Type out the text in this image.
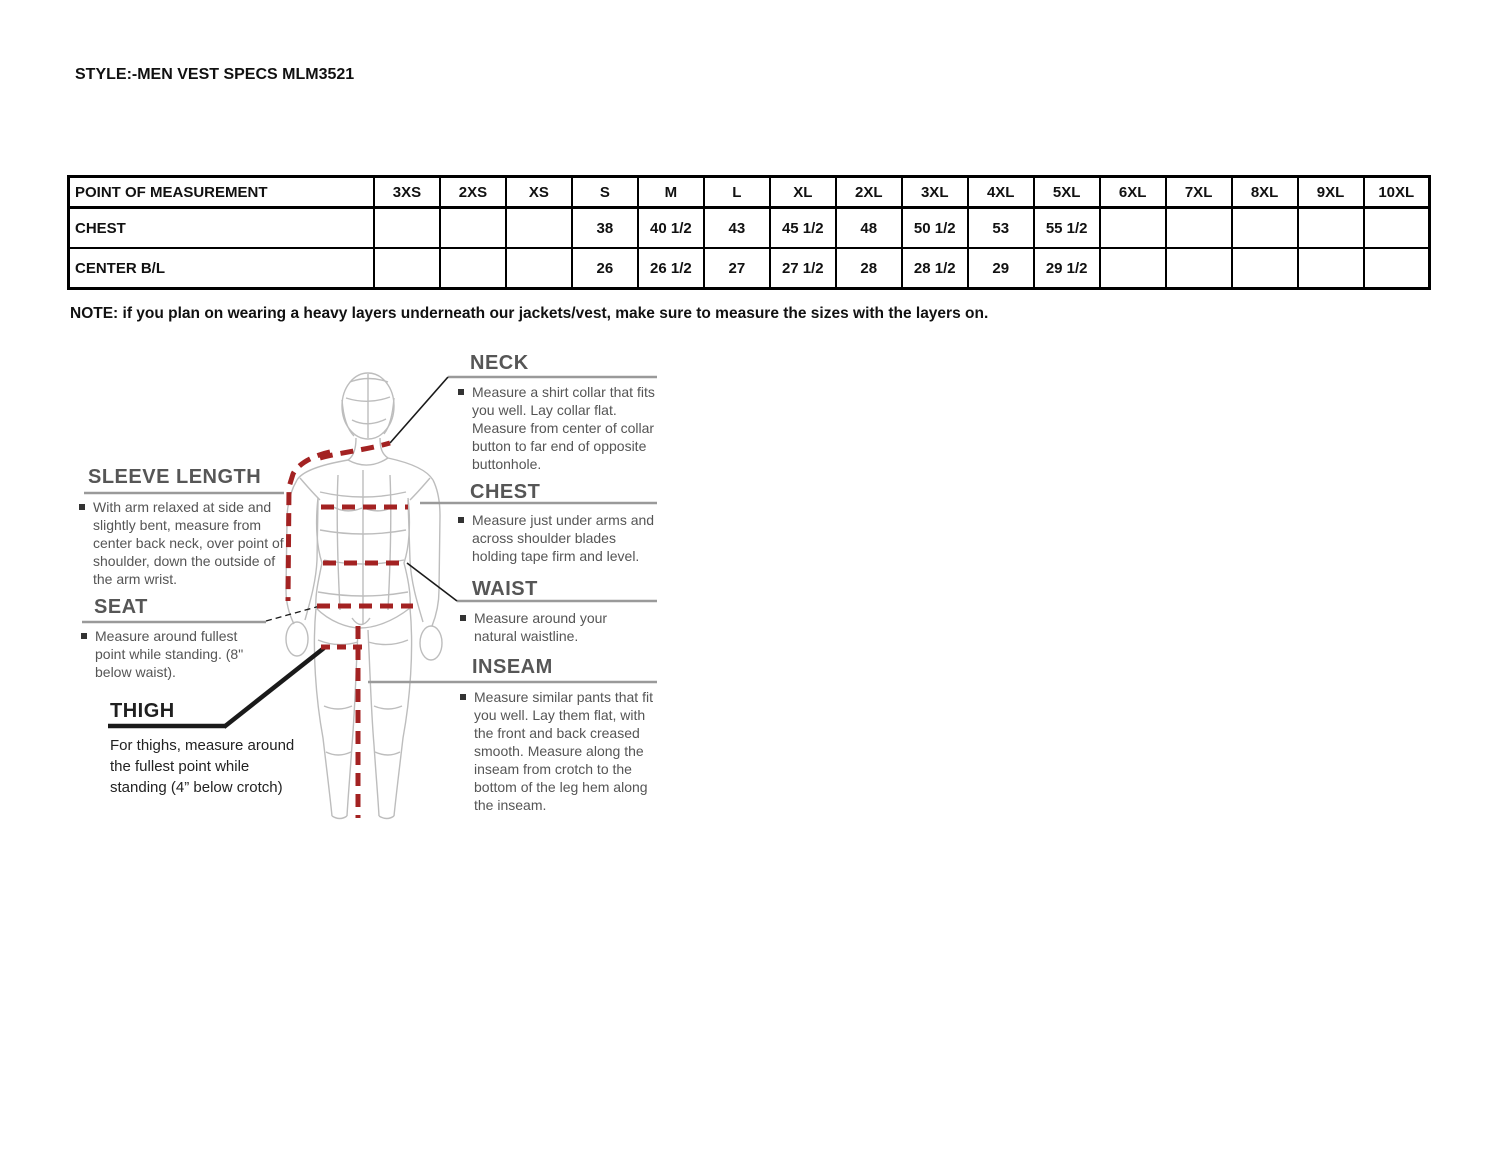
STYLE:-MEN VEST SPECS MLM3521
POINT OF MEASUREMENT	3XS	2XS	XS	S	M	L	XL	2XL	3XL	4XL	5XL	6XL	7XL	8XL	9XL	10XL
CHEST				38	40 1/2	43	45 1/2	48	50 1/2	53	55 1/2					
CENTER B/L				26	26 1/2	27	27 1/2	28	28 1/2	29	29 1/2					
NOTE: if you plan on wearing a heavy layers underneath our jackets/vest, make sure to measure the sizes with the layers on.
NECK
Measure a shirt collar that fits you well. Lay collar flat. Measure from center of collar button to far end of opposite buttonhole.
SLEEVE LENGTH
With arm relaxed at side and slightly bent, measure from center back neck, over point of shoulder, down the outside of the arm wrist.
CHEST
Measure just under arms and across shoulder blades holding tape firm and level.
WAIST
Measure around your natural waistline.
SEAT
Measure around fullest point while standing. (8" below waist).	INSEAM
Measure similar pants that fit you well. Lay them flat, with the front and back creased smooth. Measure along the inseam from crotch to the bottom of the leg hem along the inseam.
THIGH
For thighs, measure around the fullest point while standing (4” below crotch)
